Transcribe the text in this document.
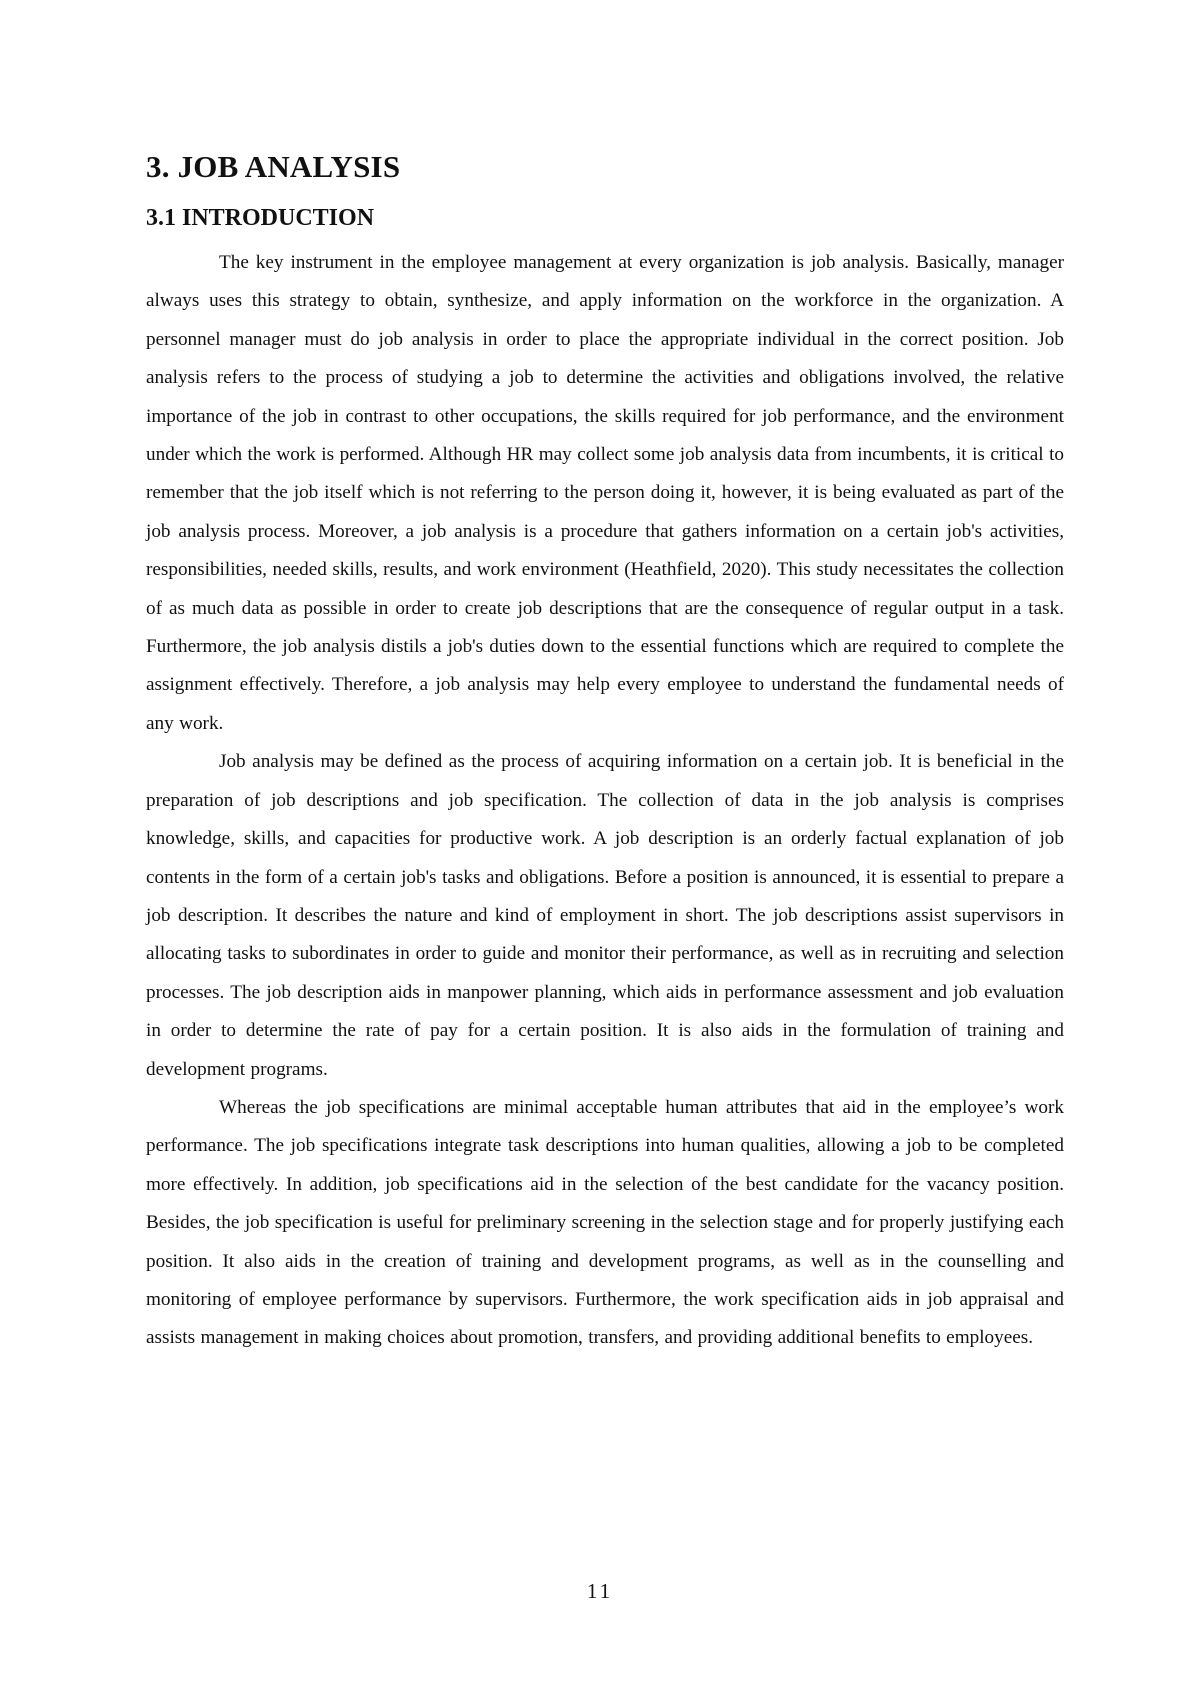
3. JOB ANALYSIS
3.1 INTRODUCTION

The key instrument in the employee management at every organization is job analysis. Basically, manager always uses this strategy to obtain, synthesize, and apply information on the workforce in the organization. A personnel manager must do job analysis in order to place the appropriate individual in the correct position. Job analysis refers to the process of studying a job to determine the activities and obligations involved, the relative importance of the job in contrast to other occupations, the skills required for job performance, and the environment under which the work is performed. Although HR may collect some job analysis data from incumbents, it is critical to remember that the job itself which is not referring to the person doing it, however, it is being evaluated as part of the job analysis process. Moreover, a job analysis is a procedure that gathers information on a certain job's activities, responsibilities, needed skills, results, and work environment (Heathfield, 2020). This study necessitates the collection of as much data as possible in order to create job descriptions that are the consequence of regular output in a task. Furthermore, the job analysis distils a job's duties down to the essential functions which are required to complete the assignment effectively. Therefore, a job analysis may help every employee to understand the fundamental needs of any work.

Job analysis may be defined as the process of acquiring information on a certain job. It is beneficial in the preparation of job descriptions and job specification. The collection of data in the job analysis is comprises knowledge, skills, and capacities for productive work. A job description is an orderly factual explanation of job contents in the form of a certain job's tasks and obligations. Before a position is announced, it is essential to prepare a job description. It describes the nature and kind of employment in short. The job descriptions assist supervisors in allocating tasks to subordinates in order to guide and monitor their performance, as well as in recruiting and selection processes. The job description aids in manpower planning, which aids in performance assessment and job evaluation in order to determine the rate of pay for a certain position. It is also aids in the formulation of training and development programs.

Whereas the job specifications are minimal acceptable human attributes that aid in the employee’s work performance. The job specifications integrate task descriptions into human qualities, allowing a job to be completed more effectively. In addition, job specifications aid in the selection of the best candidate for the vacancy position. Besides, the job specification is useful for preliminary screening in the selection stage and for properly justifying each position. It also aids in the creation of training and development programs, as well as in the counselling and monitoring of employee performance by supervisors. Furthermore, the work specification aids in job appraisal and assists management in making choices about promotion, transfers, and providing additional benefits to employees.

11
